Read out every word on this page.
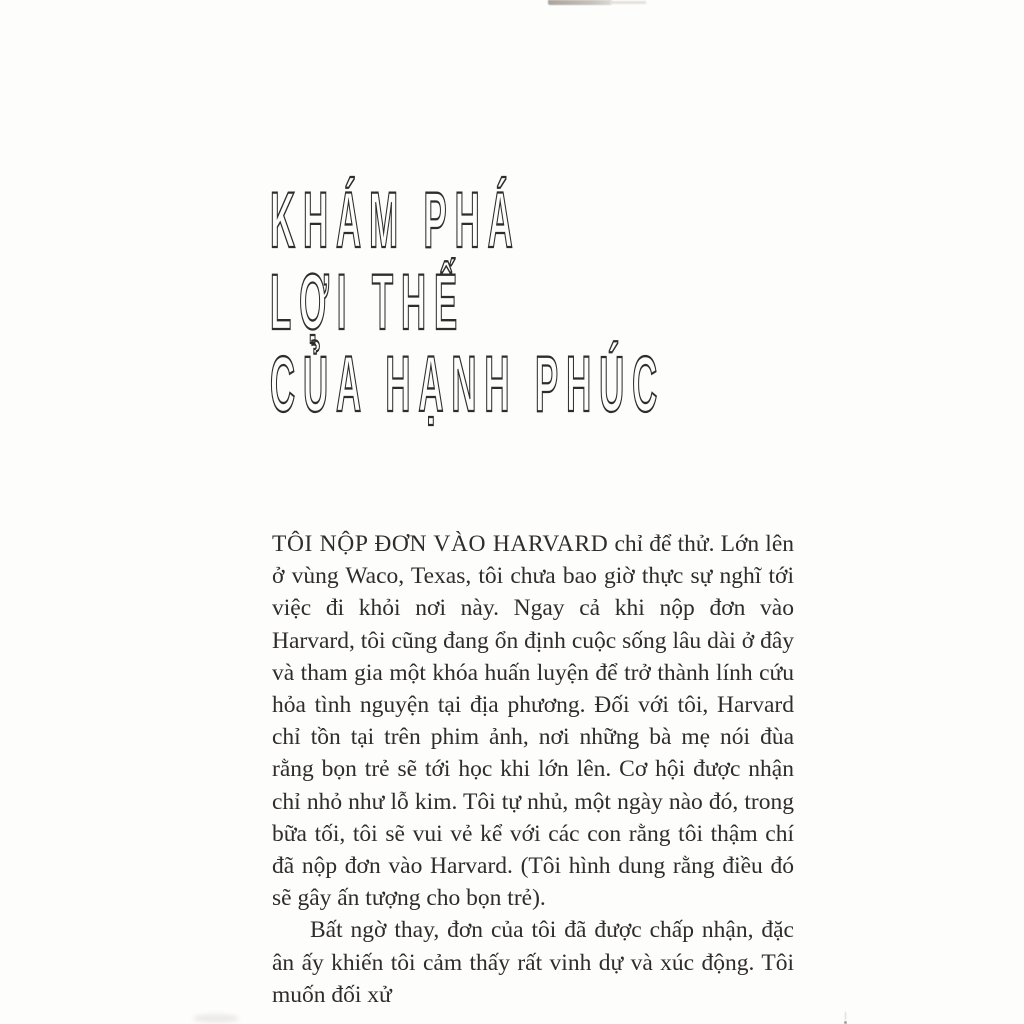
KHÁM PHÁ
LỢI THẾ
CỦA HẠNH PHÚC

TÔI NỘP ĐƠN VÀO HARVARD chỉ để thử. Lớn lên ở vùng Waco, Texas, tôi chưa bao giờ thực sự nghĩ tới việc đi khỏi nơi này. Ngay cả khi nộp đơn vào Harvard, tôi cũng đang ổn định cuộc sống lâu dài ở đây và tham gia một khóa huấn luyện để trở thành lính cứu hỏa tình nguyện tại địa phương. Đối với tôi, Harvard chỉ tồn tại trên phim ảnh, nơi những bà mẹ nói đùa rằng bọn trẻ sẽ tới học khi lớn lên. Cơ hội được nhận chỉ nhỏ như lỗ kim. Tôi tự nhủ, một ngày nào đó, trong bữa tối, tôi sẽ vui vẻ kể với các con rằng tôi thậm chí đã nộp đơn vào Harvard. (Tôi hình dung rằng điều đó sẽ gây ấn tượng cho bọn trẻ).

Bất ngờ thay, đơn của tôi đã được chấp nhận, đặc ân ấy khiến tôi cảm thấy rất vinh dự và xúc động. Tôi muốn đối xử
